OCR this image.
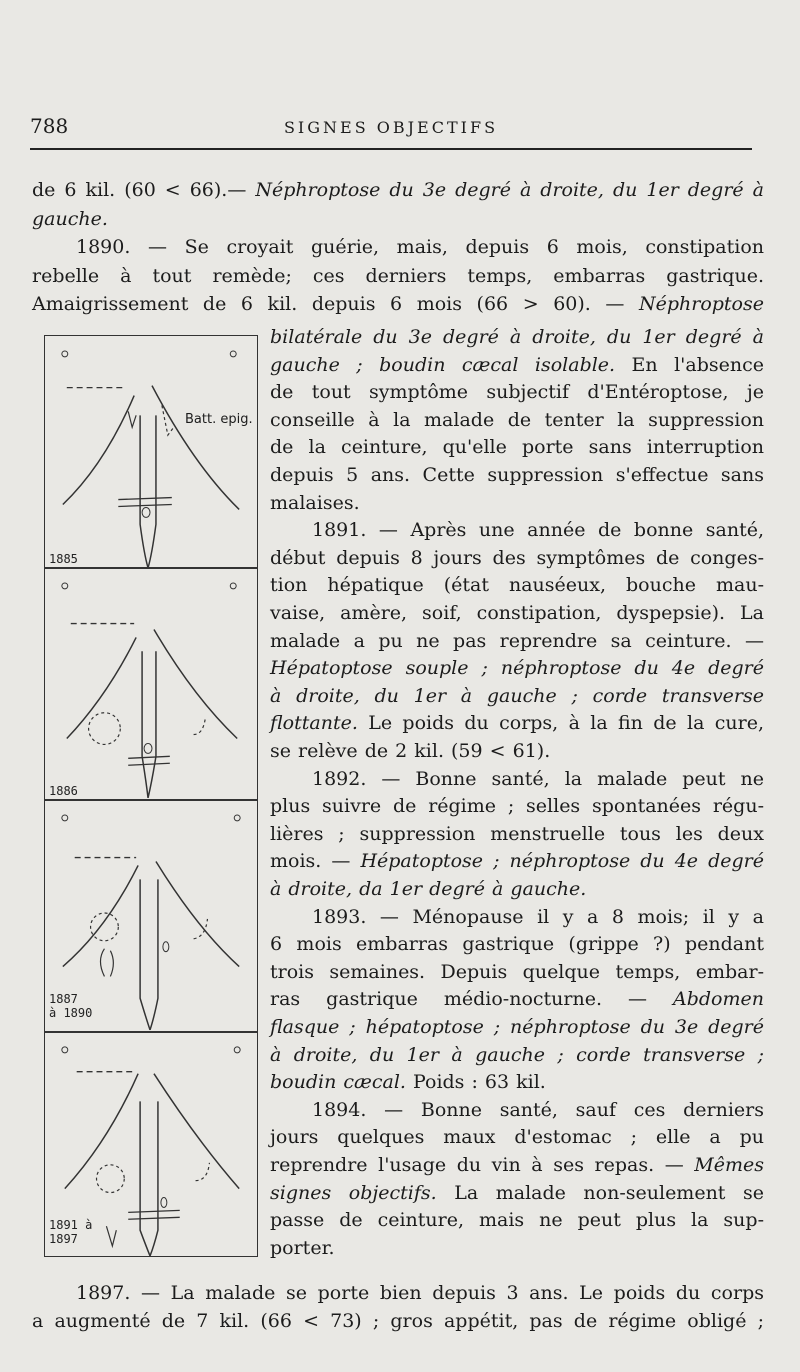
788	SIGNES OBJECTIFS
de 6 kil. (60 < 66).— Néphroptose du 3e degré à droite, du 1er degré à
gauche.
1890. — Se croyait guérie, mais, depuis 6 mois, constipation
rebelle à tout remède; ces derniers temps, embarras gastrique.
Amaigrissement de 6 kil. depuis 6 mois (66 > 60). — Néphroptose
bilatérale du 3e degré à droite, du 1er degré à
gauche ; boudin cæcal isolable. En l'absence
de tout symptôme subjectif d'Entéroptose, je
conseille à la malade de tenter la suppression
de la ceinture, qu'elle porte sans interruption
depuis 5 ans. Cette suppression s'effectue sans
malaises.
1891. — Après une année de bonne santé,
début depuis 8 jours des symptômes de conges-
tion hépatique (état nauséeux, bouche mau-
vaise, amère, soif, constipation, dyspepsie). La
malade a pu ne pas reprendre sa ceinture. —
Hépatoptose souple ; néphroptose du 4e degré
à droite, du 1er à gauche ; corde transverse
flottante. Le poids du corps, à la fin de la cure,
se relève de 2 kil. (59 < 61).
1892. — Bonne santé, la malade peut ne
plus suivre de régime ; selles spontanées régu-
lières ; suppression menstruelle tous les deux
mois. — Hépatoptose ; néphroptose du 4e degré
à droite, da 1er degré à gauche.
1893. — Ménopause il y a 8 mois; il y a
6 mois embarras gastrique (grippe ?) pendant
trois semaines. Depuis quelque temps, embar-
ras gastrique médio-nocturne. — Abdomen
flasque ; hépatoptose ; néphroptose du 3e degré
à droite, du 1er à gauche ; corde transverse ;
boudin cæcal. Poids : 63 kil.
1894. — Bonne santé, sauf ces derniers
jours quelques maux d'estomac ; elle a pu
reprendre l'usage du vin à ses repas. — Mêmes
signes objectifs. La malade non-seulement se
passe de ceinture, mais ne peut plus la sup-
porter.
1897. — La malade se porte bien depuis 3 ans. Le poids du corps
a augmenté de 7 kil. (66 < 73) ; gros appétit, pas de régime obligé ;
Batt. epig.
1885
1886
1887
à 1890
1891 à
1897
